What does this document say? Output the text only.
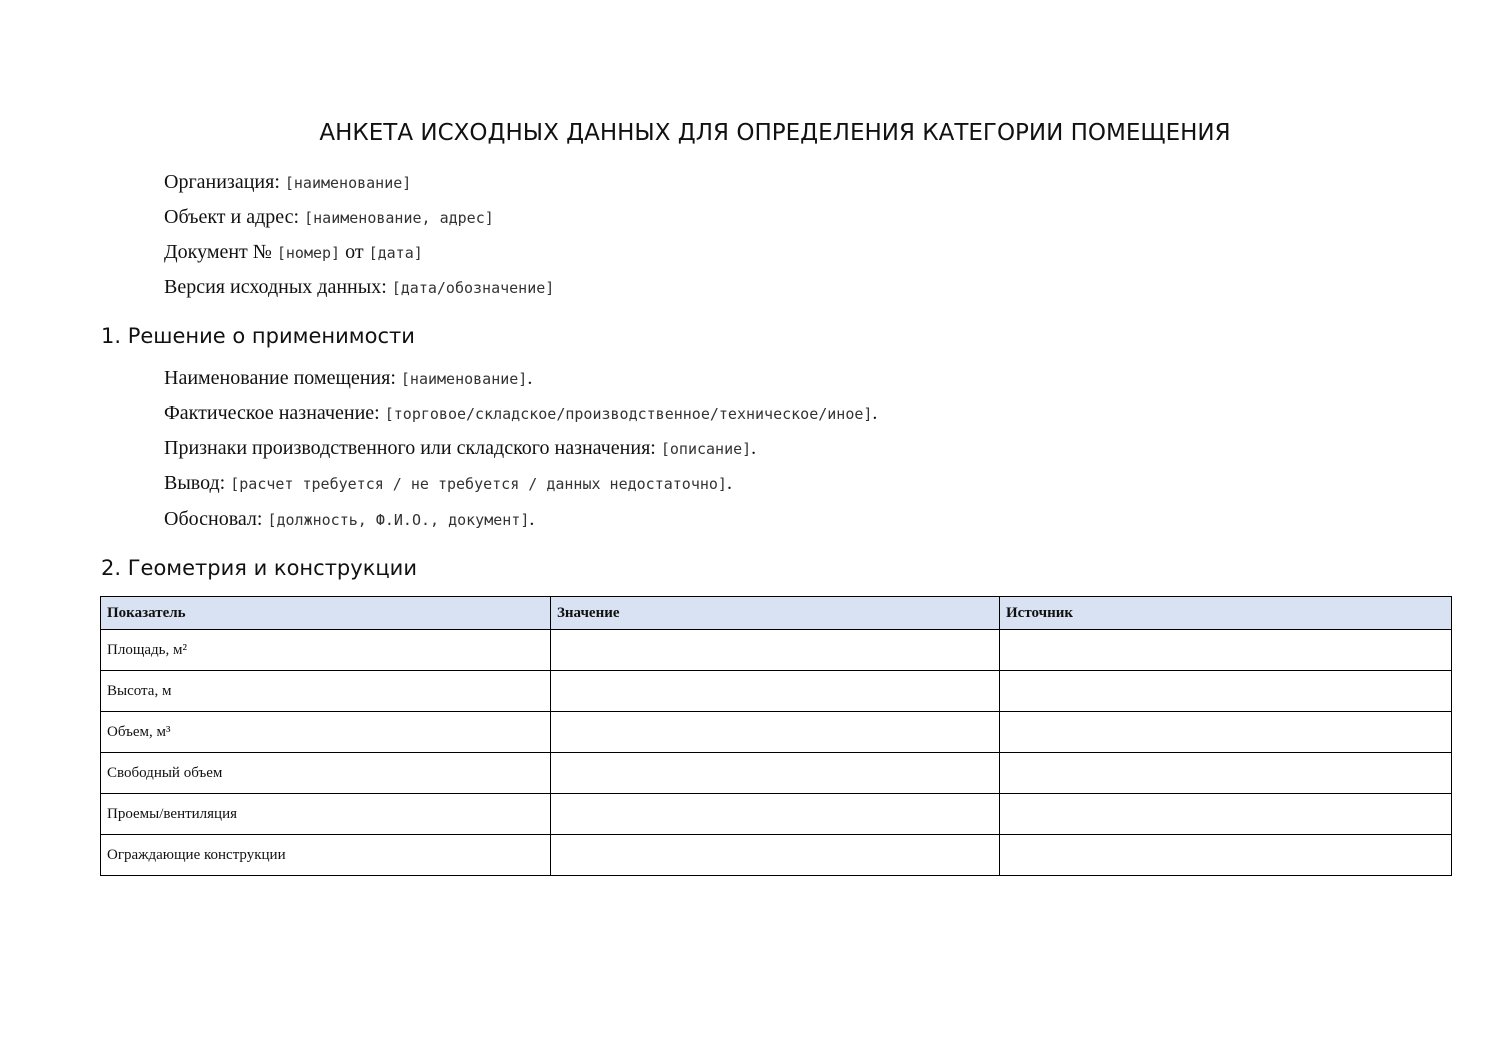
АНКЕТА ИСХОДНЫХ ДАННЫХ ДЛЯ ОПРЕДЕЛЕНИЯ КАТЕГОРИИ ПОМЕЩЕНИЯ
Организация: [наименование]
Объект и адрес: [наименование, адрес]
Документ № [номер] от [дата]
Версия исходных данных: [дата/обозначение]
1. Решение о применимости
Наименование помещения: [наименование].
Фактическое назначение: [торговое/складское/производственное/техническое/иное].
Признаки производственного или складского назначения: [описание].
Вывод: [расчет требуется / не требуется / данных недостаточно].
Обосновал: [должность, Ф.И.О., документ].
2. Геометрия и конструкции
Показатель	Значение	Источник
Площадь, м²		
Высота, м		
Объем, м³		
Свободный объем		
Проемы/вентиляция		
Ограждающие конструкции		
